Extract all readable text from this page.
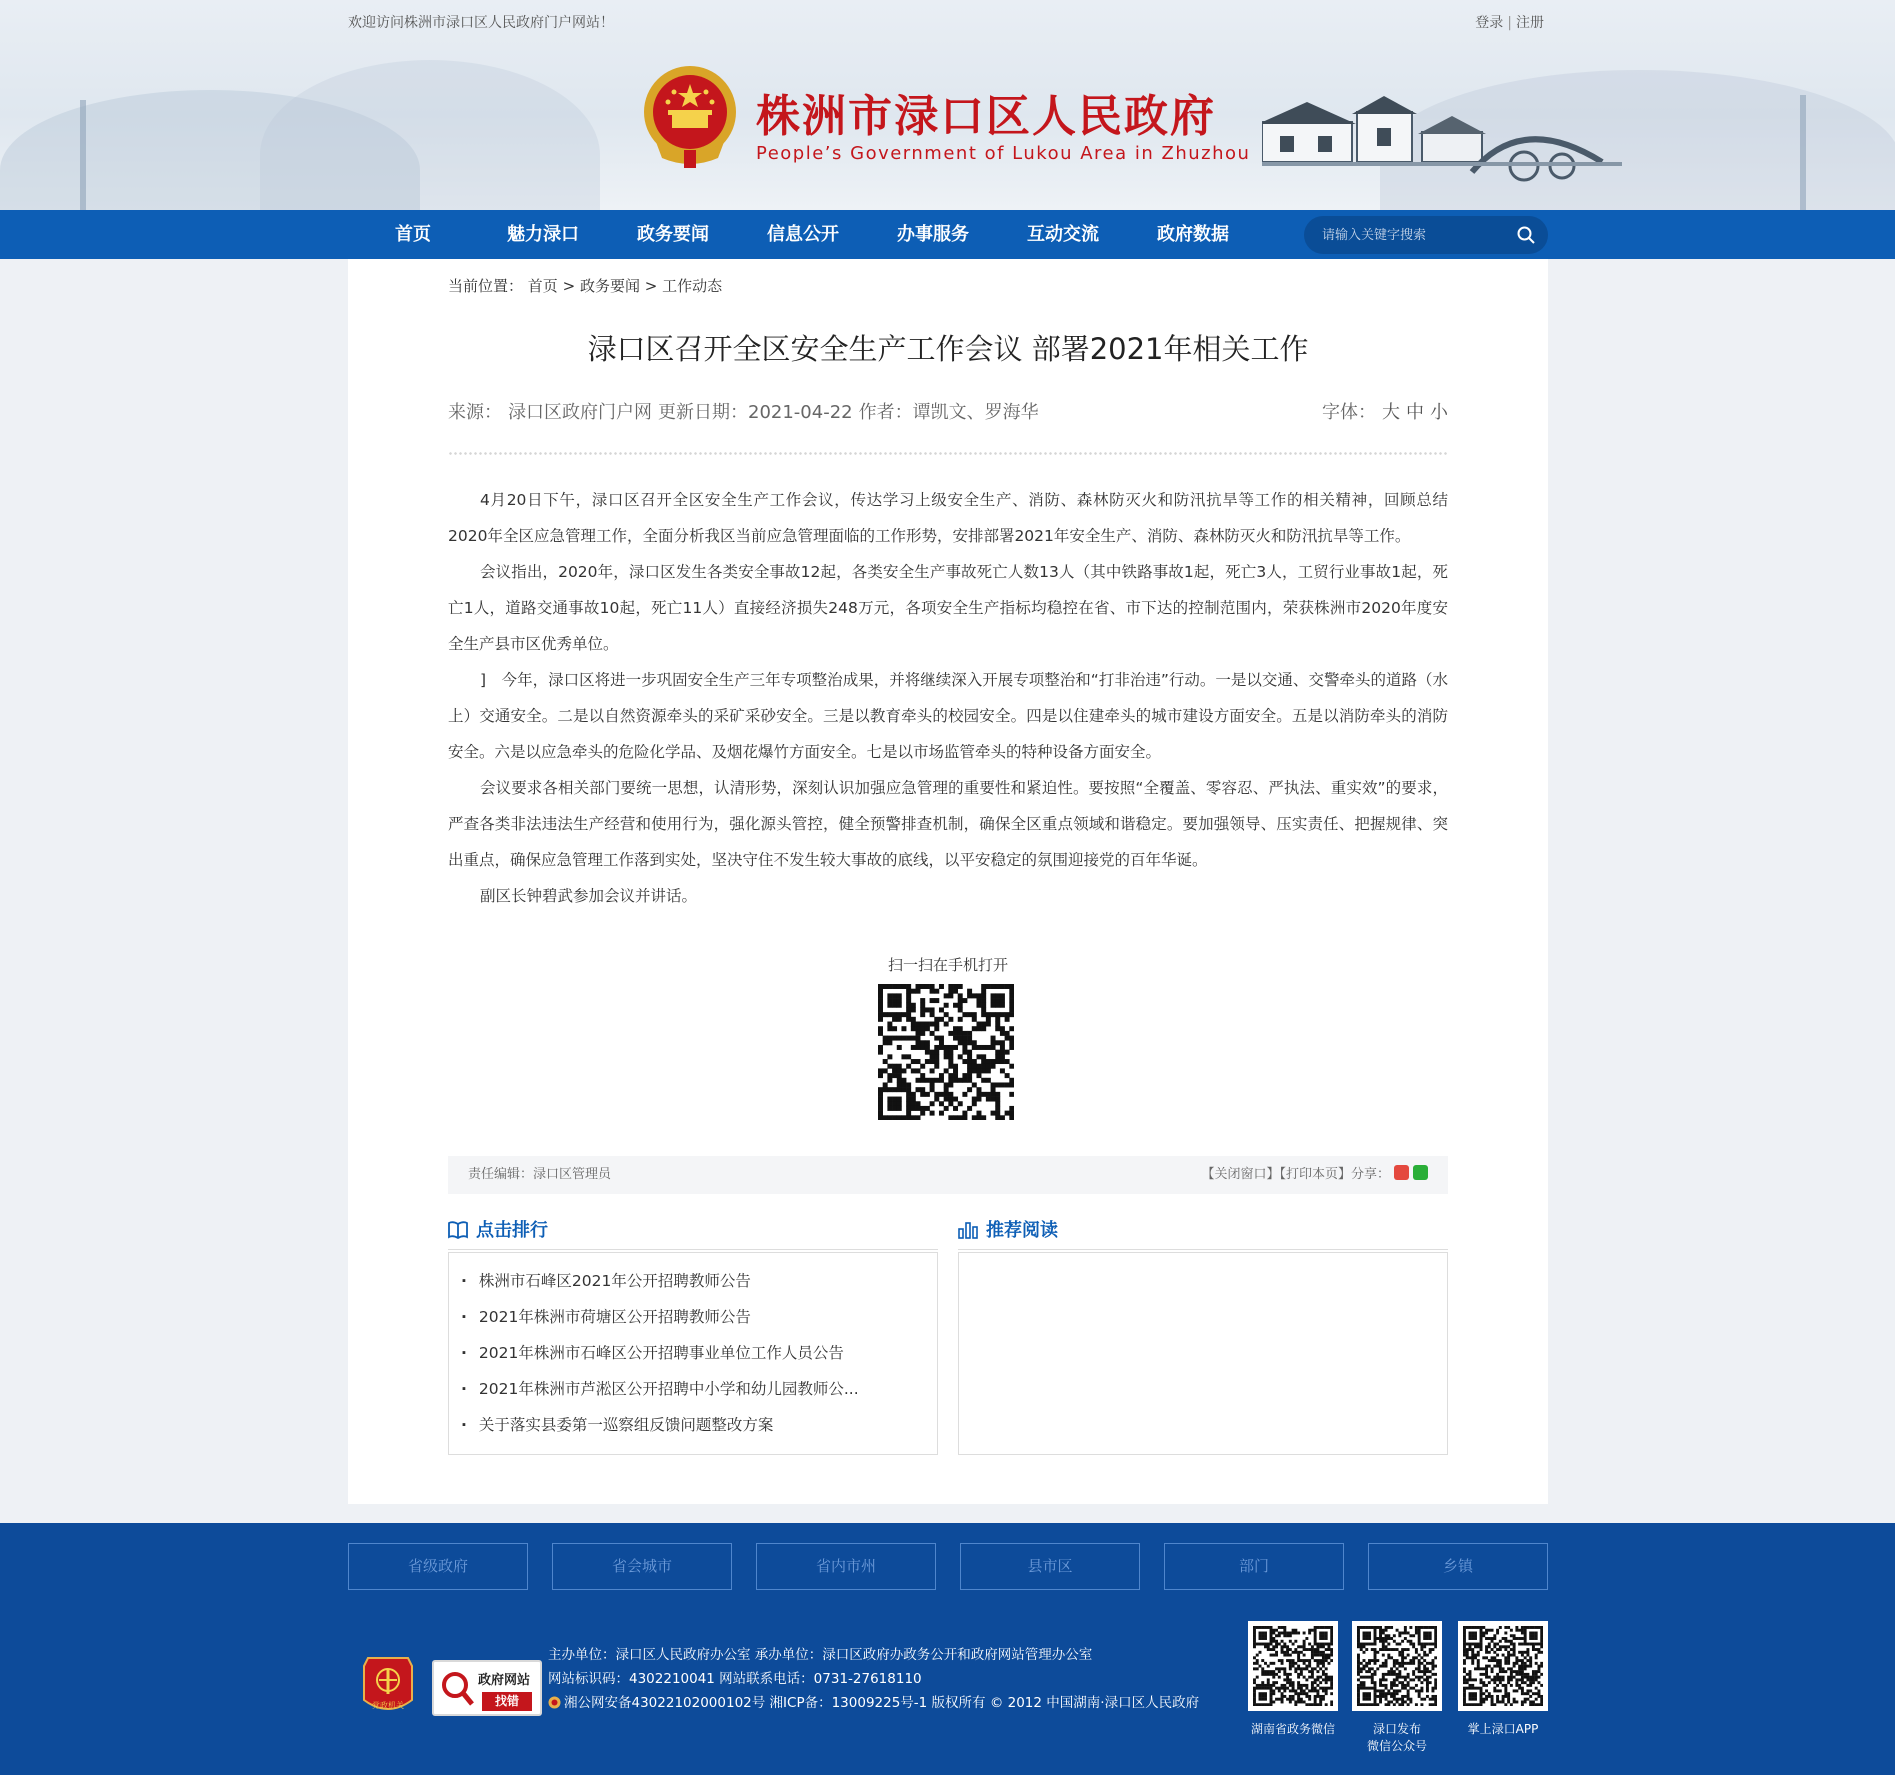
欢迎访问株洲市渌口区人民政府门户网站！	登录 | 注册
株洲市渌口区人民政府
People’s Government of Lukou Area in Zhuzhou
首页	魅力渌口	政务要闻	信息公开	办事服务	互动交流	政府数据
请输入关键字搜索
当前位置： 首页 > 政务要闻 > 工作动态
渌口区召开全区安全生产工作会议 部署2021年相关工作
来源： 渌口区政府门户网 更新日期：2021-04-22 作者：谭凯文、罗海华	字体： 大 中 小

4月20日下午，渌口区召开全区安全生产工作会议，传达学习上级安全生产、消防、森林防灭火和防汛抗旱等工作的相关精神，回顾总结2020年全区应急管理工作，全面分析我区当前应急管理面临的工作形势，安排部署2021年安全生产、消防、森林防灭火和防汛抗旱等工作。

会议指出，2020年，渌口区发生各类安全事故12起，各类安全生产事故死亡人数13人（其中铁路事故1起，死亡3人，工贸行业事故1起，死亡1人，道路交通事故10起，死亡11人）直接经济损失248万元，各项安全生产指标均稳控在省、市下达的控制范围内，荣获株洲市2020年度安全生产县市区优秀单位。

]　今年，渌口区将进一步巩固安全生产三年专项整治成果，并将继续深入开展专项整治和“打非治违”行动。一是以交通、交警牵头的道路（水上）交通安全。二是以自然资源牵头的采矿采砂安全。三是以教育牵头的校园安全。四是以住建牵头的城市建设方面安全。五是以消防牵头的消防安全。六是以应急牵头的危险化学品、及烟花爆竹方面安全。七是以市场监管牵头的特种设备方面安全。

会议要求各相关部门要统一思想，认清形势，深刻认识加强应急管理的重要性和紧迫性。要按照“全覆盖、零容忍、严执法、重实效”的要求，严查各类非法违法生产经营和使用行为，强化源头管控，健全预警排查机制，确保全区重点领域和谐稳定。要加强领导、压实责任、把握规律、突出重点，确保应急管理工作落到实处，坚决守住不发生较大事故的底线，以平安稳定的氛围迎接党的百年华诞。

副区长钟碧武参加会议并讲话。

扫一扫在手机打开
责任编辑：渌口区管理员	【关闭窗口】【打印本页】分享：
点击排行
· 株洲市石峰区2021年公开招聘教师公告
· 2021年株洲市荷塘区公开招聘教师公告
· 2021年株洲市石峰区公开招聘事业单位工作人员公告
· 2021年株洲市芦淞区公开招聘中小学和幼儿园教师公...
· 关于落实县委第一巡察组反馈问题整改方案
推荐阅读
省级政府	省会城市	省内市州	县市区	部门	乡镇
党政机关
政府网站
找错
主办单位：渌口区人民政府办公室 承办单位：渌口区政府办政务公开和政府网站管理办公室
网站标识码：4302210041 网站联系电话：0731-27618110
湘公网安备43022102000102号 湘ICP备：13009225号-1 版权所有 © 2012 中国湖南·渌口区人民政府
湖南省政务微信	渌口发布
微信公众号
掌上渌口APP
